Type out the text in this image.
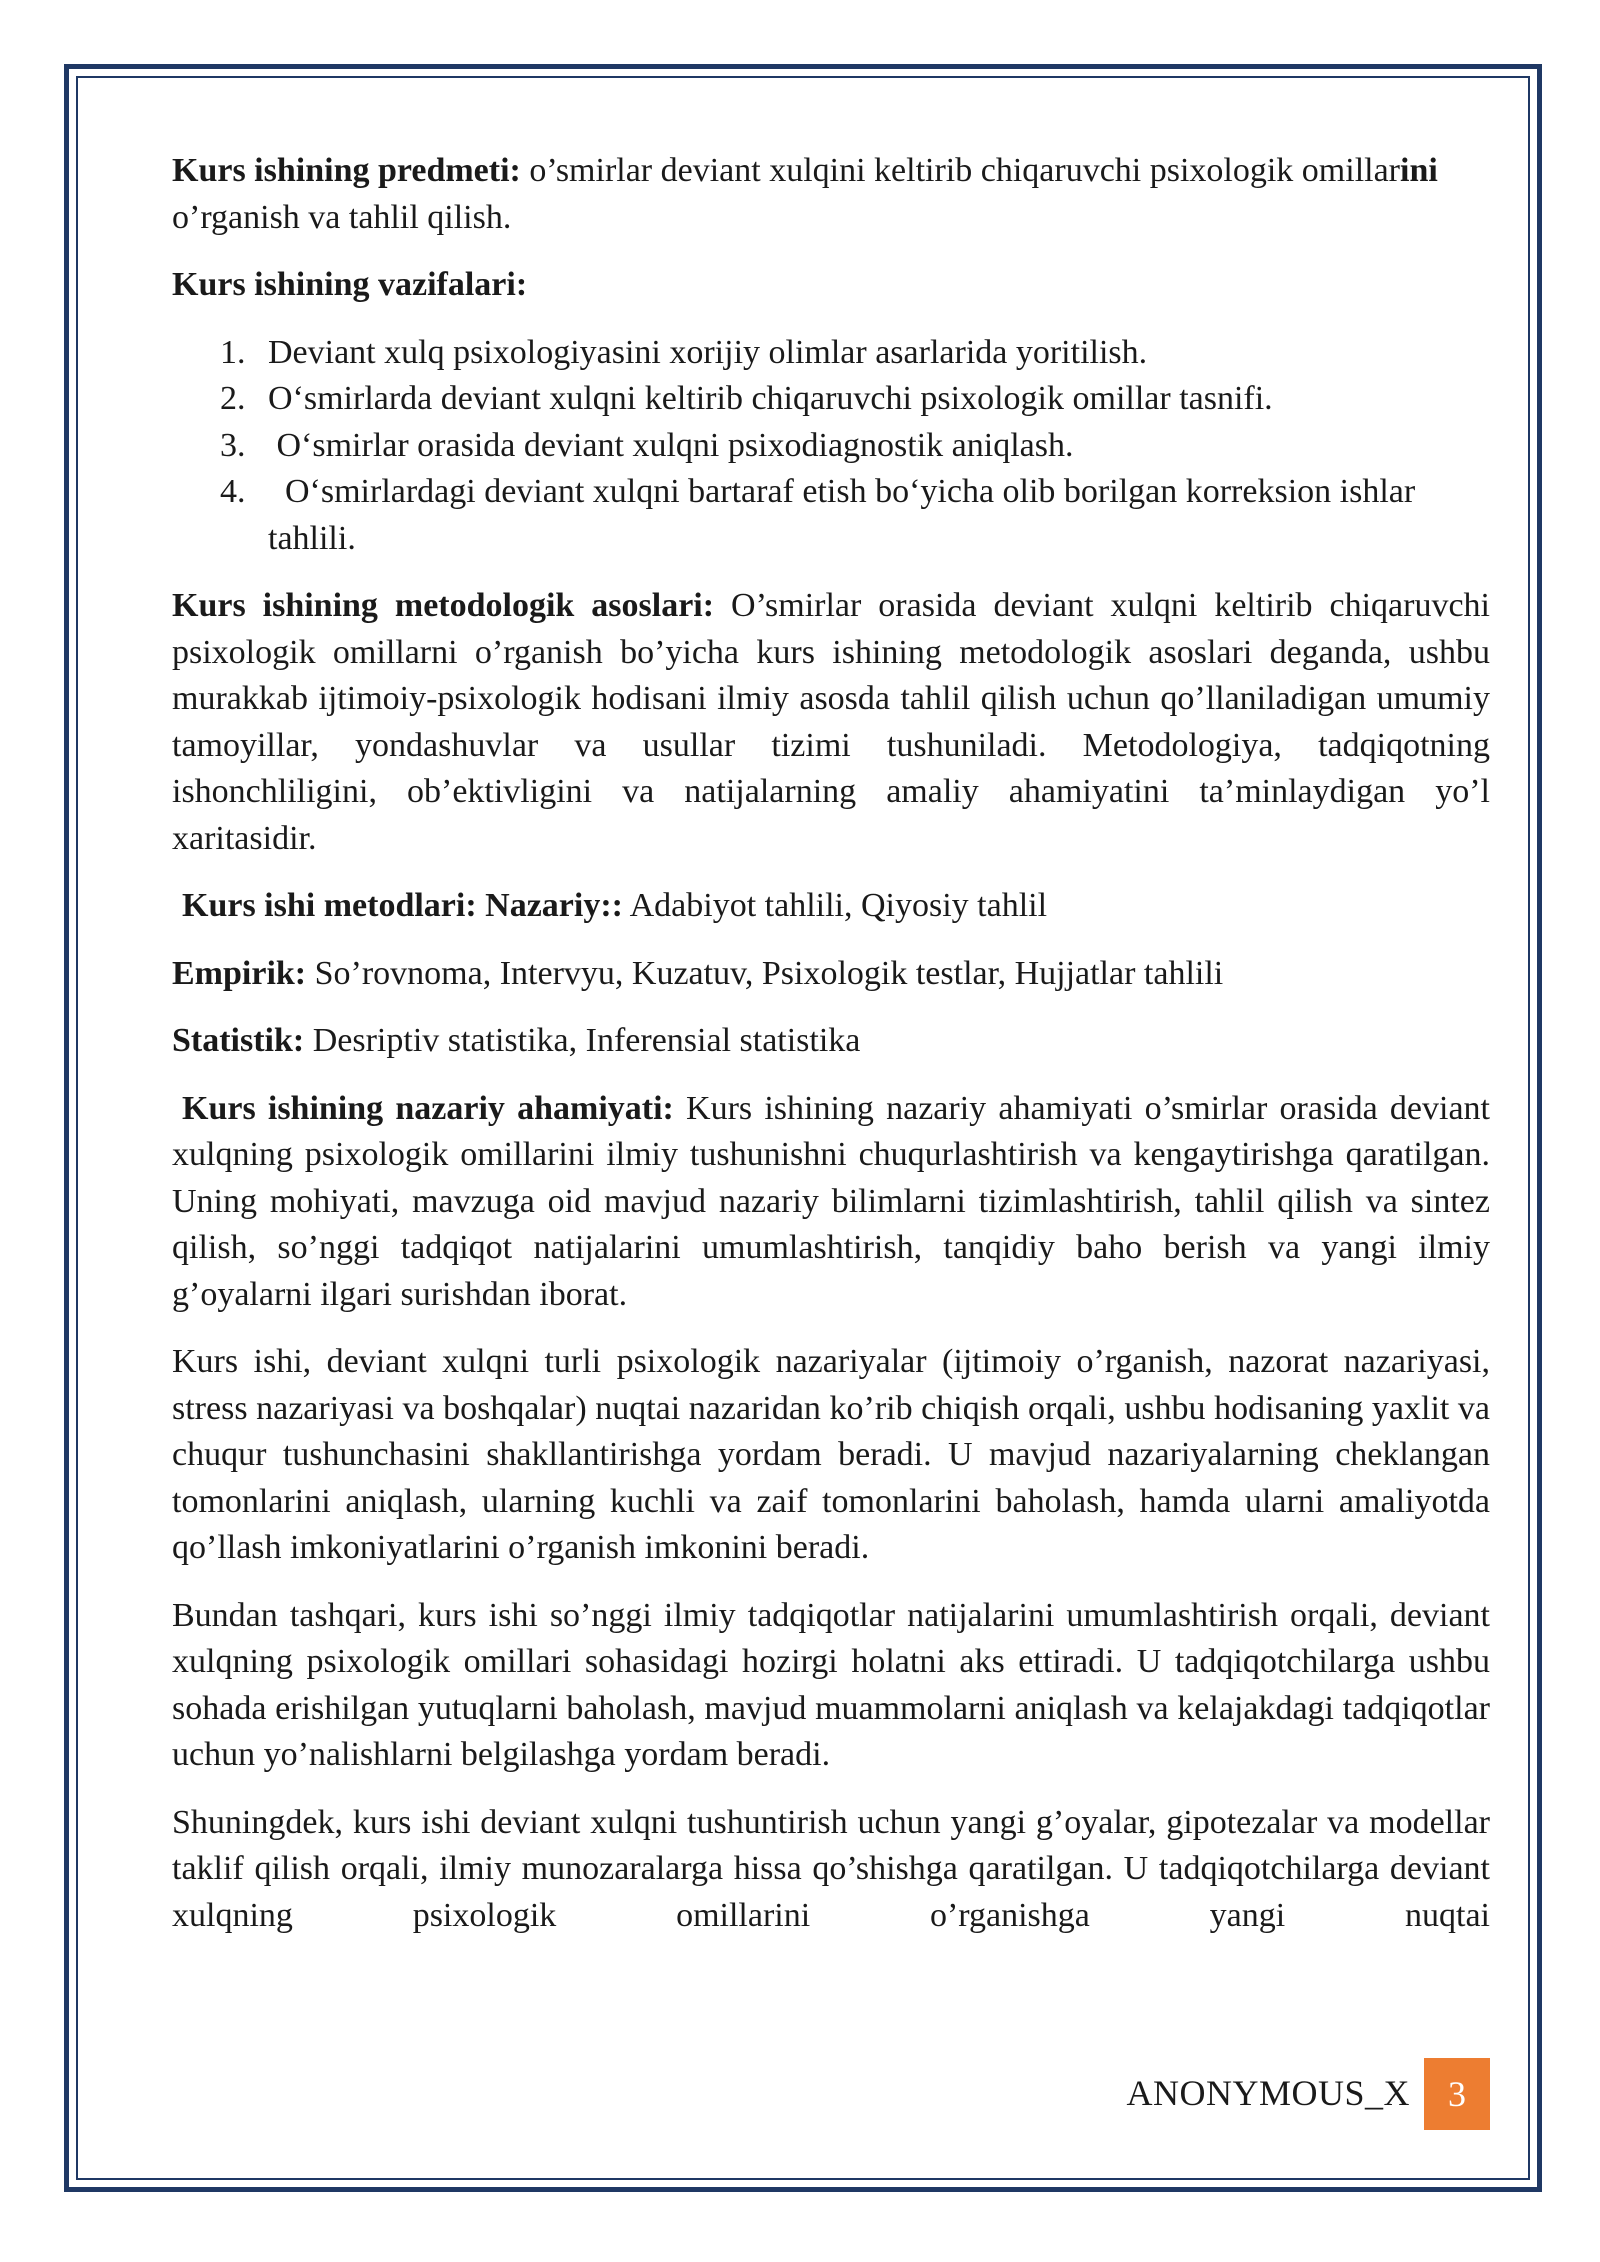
Kurs ishining predmeti: o’smirlar deviant xulqini keltirib chiqaruvchi psixologik omillarini o’rganish va tahlil qilish.

Kurs ishining vazifalari:

1. Deviant xulq psixologiyasini xorijiy olimlar asarlarida yoritilish.
2. O‘smirlarda deviant xulqni keltirib chiqaruvchi psixologik omillar tasnifi.
3. O‘smirlar orasida deviant xulqni psixodiagnostik aniqlash.
4. O‘smirlardagi deviant xulqni bartaraf etish bo‘yicha olib borilgan korreksion ishlar tahlili.

Kurs ishining metodologik asoslari: O’smirlar orasida deviant xulqni keltirib chiqaruvchi psixologik omillarni o’rganish bo’yicha kurs ishining metodologik asoslari deganda, ushbu murakkab ijtimoiy-psixologik hodisani ilmiy asosda tahlil qilish uchun qo’llaniladigan umumiy tamoyillar, yondashuvlar va usullar tizimi tushuniladi. Metodologiya, tadqiqotning ishonchliligini, ob’ektivligini va natijalarning amaliy ahamiyatini ta’minlaydigan yo’l xaritasidir.

Kurs ishi metodlari: Nazariy:: Adabiyot tahlili, Qiyosiy tahlil

Empirik: So’rovnoma, Intervyu, Kuzatuv, Psixologik testlar, Hujjatlar tahlili

Statistik: Desriptiv statistika, Inferensial statistika

Kurs ishining nazariy ahamiyati: Kurs ishining nazariy ahamiyati o’smirlar orasida deviant xulqning psixologik omillarini ilmiy tushunishni chuqurlashtirish va kengaytirishga qaratilgan. Uning mohiyati, mavzuga oid mavjud nazariy bilimlarni tizimlashtirish, tahlil qilish va sintez qilish, so’nggi tadqiqot natijalarini umumlashtirish, tanqidiy baho berish va yangi ilmiy g’oyalarni ilgari surishdan iborat.

Kurs ishi, deviant xulqni turli psixologik nazariyalar (ijtimoiy o’rganish, nazorat nazariyasi, stress nazariyasi va boshqalar) nuqtai nazaridan ko’rib chiqish orqali, ushbu hodisaning yaxlit va chuqur tushunchasini shakllantirishga yordam beradi. U mavjud nazariyalarning cheklangan tomonlarini aniqlash, ularning kuchli va zaif tomonlarini baholash, hamda ularni amaliyotda qo’llash imkoniyatlarini o’rganish imkonini beradi.

Bundan tashqari, kurs ishi so’nggi ilmiy tadqiqotlar natijalarini umumlashtirish orqali, deviant xulqning psixologik omillari sohasidagi hozirgi holatni aks ettiradi. U tadqiqotchilarga ushbu sohada erishilgan yutuqlarni baholash, mavjud muammolarni aniqlash va kelajakdagi tadqiqotlar uchun yo’nalishlarni belgilashga yordam beradi.

Shuningdek, kurs ishi deviant xulqni tushuntirish uchun yangi g’oyalar, gipotezalar va modellar taklif qilish orqali, ilmiy munozaralarga hissa qo’shishga qaratilgan. U tadqiqotchilarga deviant xulqning psixologik omillarini o’rganishga yangi nuqtai

ANONYMOUS_X 3
